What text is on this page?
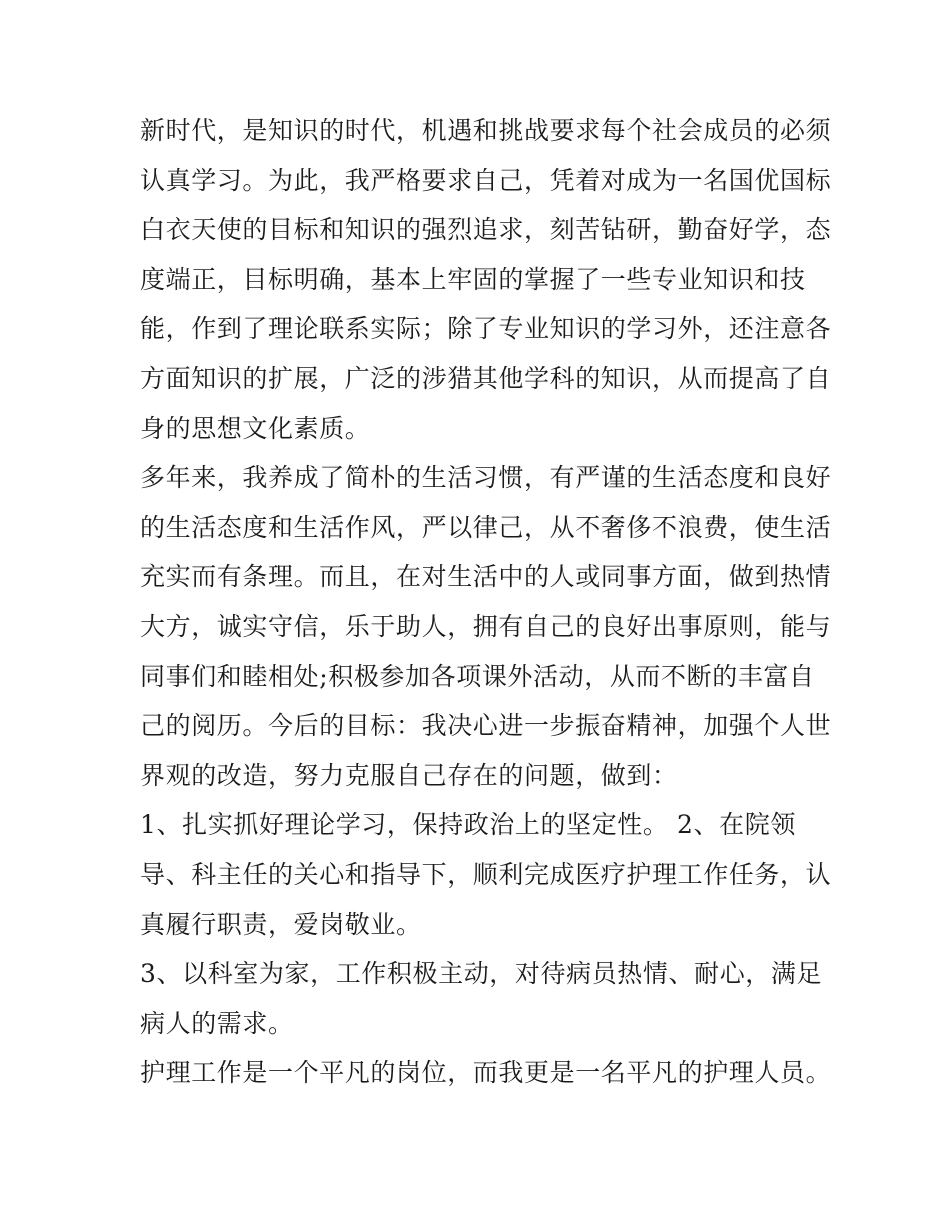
新时代，是知识的时代，机遇和挑战要求每个社会成员的必须
认真学习。为此，我严格要求自己，凭着对成为一名国优国标
白衣天使的目标和知识的强烈追求，刻苦钻研，勤奋好学，态
度端正，目标明确，基本上牢固的掌握了一些专业知识和技
能，作到了理论联系实际；除了专业知识的学习外，还注意各
方面知识的扩展，广泛的涉猎其他学科的知识，从而提高了自
身的思想文化素质。
多年来，我养成了简朴的生活习惯，有严谨的生活态度和良好
的生活态度和生活作风，严以律己，从不奢侈不浪费，使生活
充实而有条理。而且，在对生活中的人或同事方面，做到热情
大方，诚实守信，乐于助人，拥有自己的良好出事原则，能与
同事们和睦相处;积极参加各项课外活动，从而不断的丰富自
己的阅历。今后的目标：我决心进一步振奋精神，加强个人世
界观的改造，努力克服自己存在的问题，做到：
1、扎实抓好理论学习，保持政治上的坚定性。 2、在院领
导、科主任的关心和指导下，顺利完成医疗护理工作任务，认
真履行职责，爱岗敬业。
3、以科室为家，工作积极主动，对待病员热情、耐心，满足
病人的需求。
护理工作是一个平凡的岗位，而我更是一名平凡的护理人员。
